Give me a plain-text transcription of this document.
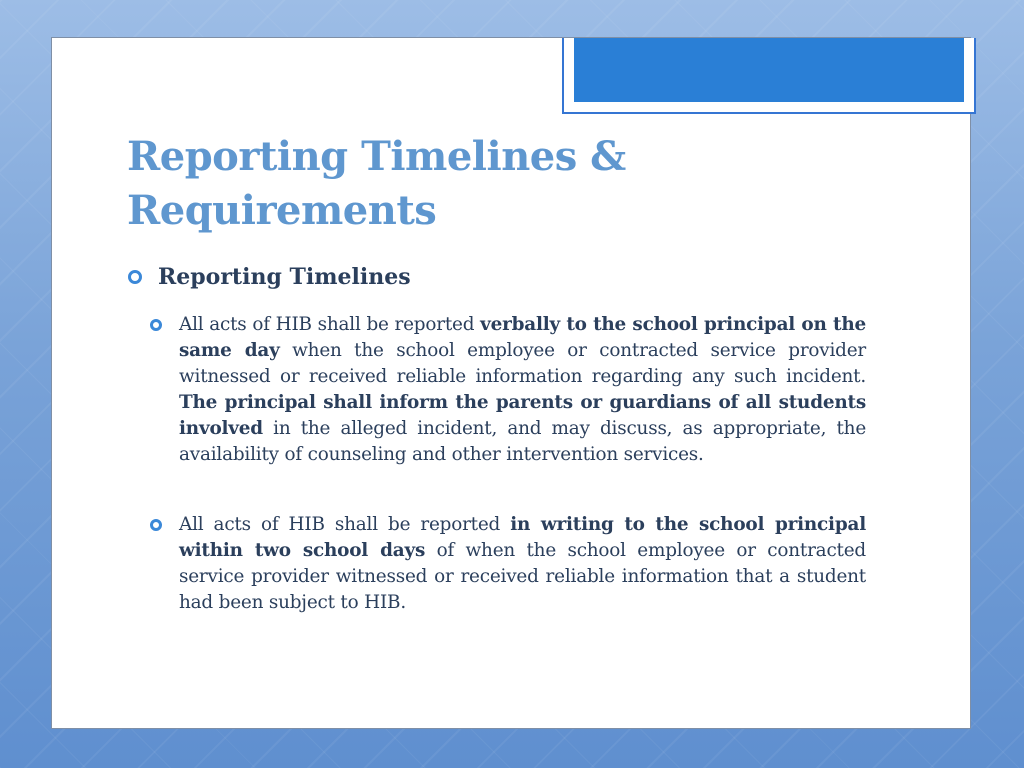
Reporting Timelines & Requirements
Reporting Timelines
All acts of HIB shall be reported verbally to the school principal on the same day when the school employee or contracted service provider witnessed or received reliable information regarding any such incident. The principal shall inform the parents or guardians of all students involved in the alleged incident, and may discuss, as appropriate, the availability of counseling and other intervention services.
All acts of HIB shall be reported in writing to the school principal within two school days of when the school employee or contracted service provider witnessed or received reliable information that a student had been subject to HIB.
